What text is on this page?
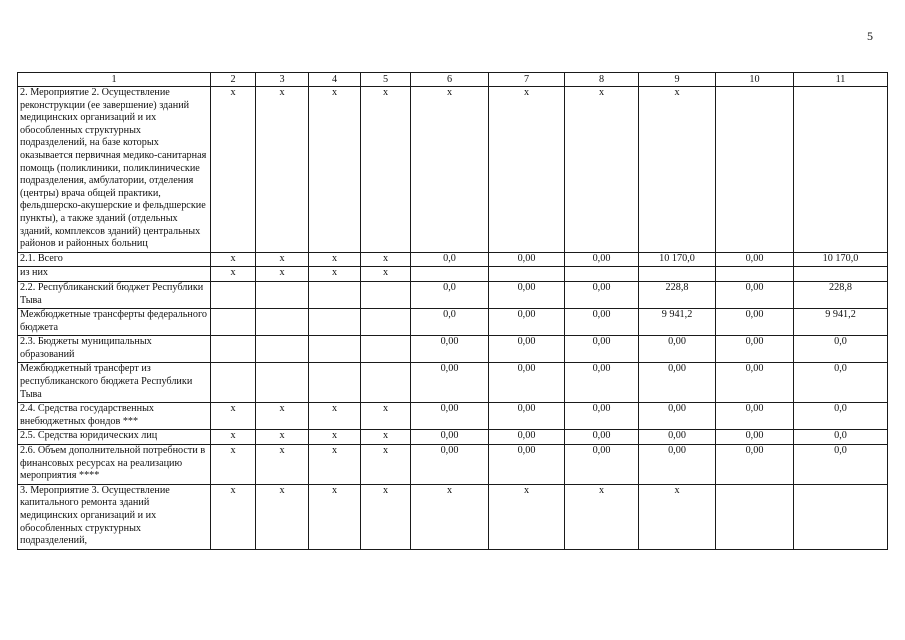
5
1	2	3	4	5	6	7	8	9	10	11
2. Мероприятие 2. Осуществление реконструкции (ее завершение) зданий медицинских организаций и их обособленных структурных подразделений, на базе которых оказывается первичная медико-санитарная помощь (поликлиники, поликлинические подразделения, амбулатории, отделения (центры) врача общей практики, фельдшерско-акушерские и фельдшерские пункты), а также зданий (отдельных зданий, комплексов зданий) центральных районов и районных больниц	х	х	х	х	х	х	х	х		
2.1. Всего	х	х	х	х	0,0	0,00	0,00	10 170,0	0,00	10 170,0
из них	х	х	х	х						
2.2. Республиканский бюджет Республики Тыва					0,0	0,00	0,00	228,8	0,00	228,8
Межбюджетные трансферты федерального бюджета					0,0	0,00	0,00	9 941,2	0,00	9 941,2
2.3. Бюджеты муниципальных образований					0,00	0,00	0,00	0,00	0,00	0,0
Межбюджетный трансферт из республиканского бюджета Республики Тыва					0,00	0,00	0,00	0,00	0,00	0,0
2.4. Средства государственных внебюджетных фондов ***	х	х	х	х	0,00	0,00	0,00	0,00	0,00	0,0
2.5. Средства юридических лиц	х	х	х	х	0,00	0,00	0,00	0,00	0,00	0,0
2.6. Объем дополнительной потребности в финансовых ресурсах на реализацию мероприятия ****	х	х	х	х	0,00	0,00	0,00	0,00	0,00	0,0
3. Мероприятие 3. Осуществление капитального ремонта зданий медицинских организаций и их обособленных структурных подразделений,	х	х	х	х	х	х	х	х		
